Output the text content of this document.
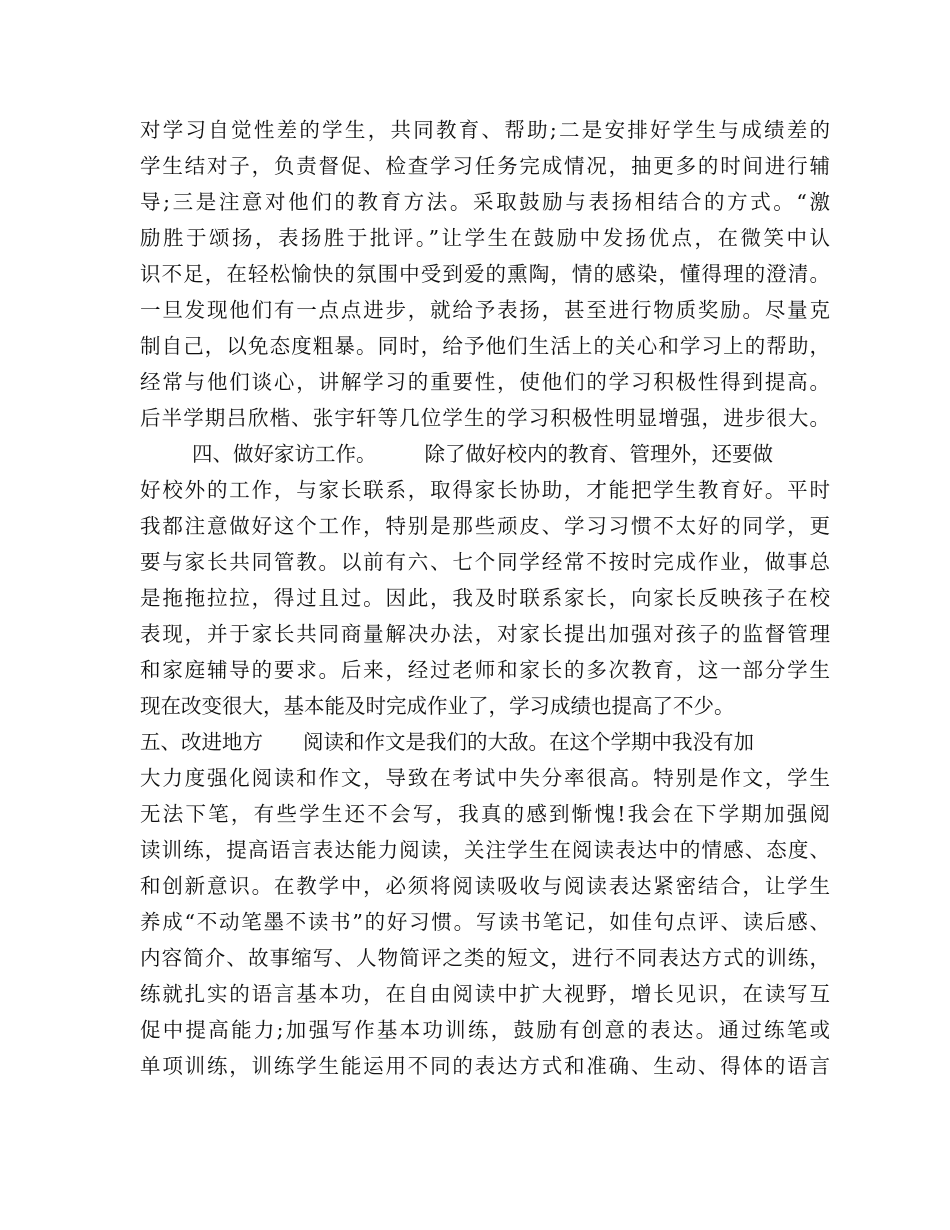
对学习自觉性差的学生，共同教育、帮助;二是安排好学生与成绩差的
学生结对子，负责督促、检查学习任务完成情况，抽更多的时间进行辅
导;三是注意对他们的教育方法。采取鼓励与表扬相结合的方式。“激
励胜于颂扬，表扬胜于批评。”让学生在鼓励中发扬优点，在微笑中认
识不足，在轻松愉快的氛围中受到爱的熏陶，情的感染，懂得理的澄清。
一旦发现他们有一点点进步，就给予表扬，甚至进行物质奖励。尽量克
制自己，以免态度粗暴。同时，给予他们生活上的关心和学习上的帮助，
经常与他们谈心，讲解学习的重要性，使他们的学习积极性得到提高。
后半学期吕欣楷、张宇轩等几位学生的学习积极性明显增强，进步很大。
四、做好家访工作。 除了做好校内的教育、管理外，还要做
好校外的工作，与家长联系，取得家长协助，才能把学生教育好。平时
我都注意做好这个工作，特别是那些顽皮、学习习惯不太好的同学，更
要与家长共同管教。以前有六、七个同学经常不按时完成作业，做事总
是拖拖拉拉，得过且过。因此，我及时联系家长，向家长反映孩子在校
表现，并于家长共同商量解决办法，对家长提出加强对孩子的监督管理
和家庭辅导的要求。后来，经过老师和家长的多次教育，这一部分学生
现在改变很大，基本能及时完成作业了，学习成绩也提高了不少。
五、改进地方 阅读和作文是我们的大敌。在这个学期中我没有加
大力度强化阅读和作文，导致在考试中失分率很高。特别是作文，学生
无法下笔，有些学生还不会写，我真的感到惭愧!我会在下学期加强阅
读训练，提高语言表达能力阅读，关注学生在阅读表达中的情感、态度、
和创新意识。在教学中，必须将阅读吸收与阅读表达紧密结合，让学生
养成“不动笔墨不读书”的好习惯。写读书笔记，如佳句点评、读后感、
内容简介、故事缩写、人物简评之类的短文，进行不同表达方式的训练，
练就扎实的语言基本功，在自由阅读中扩大视野，增长见识，在读写互
促中提高能力;加强写作基本功训练，鼓励有创意的表达。通过练笔或
单项训练，训练学生能运用不同的表达方式和准确、生动、得体的语言
